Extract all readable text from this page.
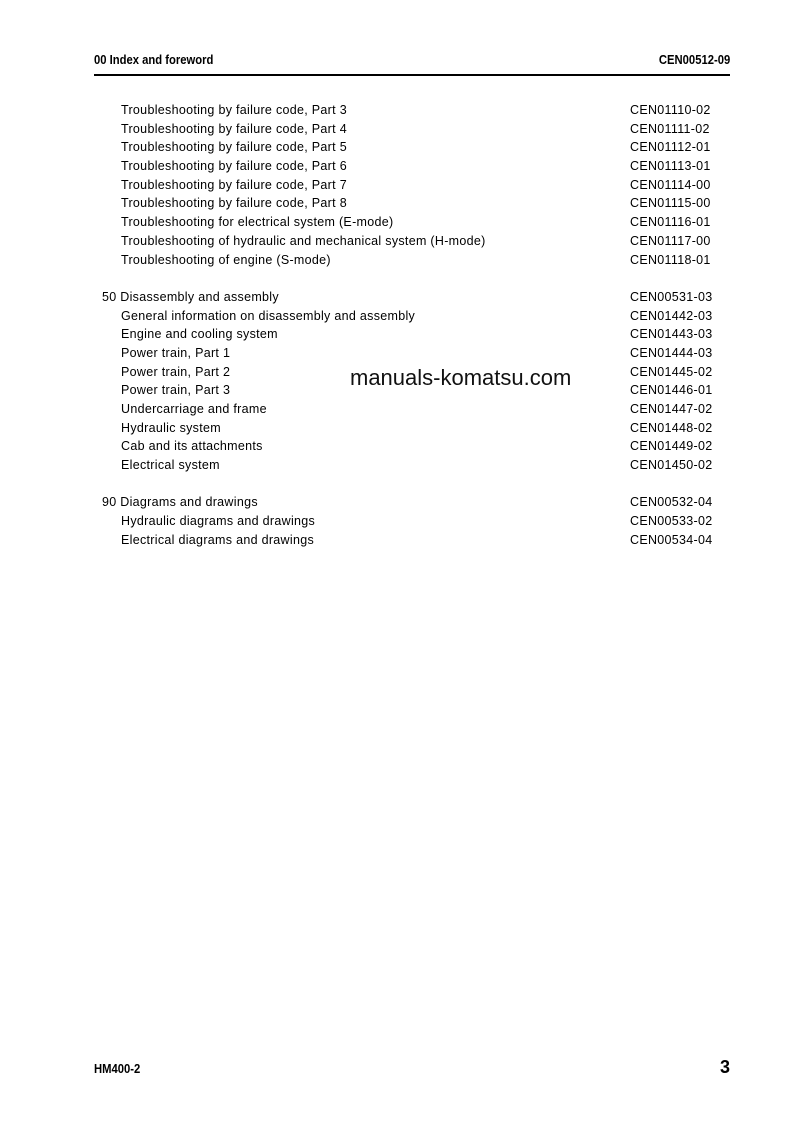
00 Index and foreword	CEN00512-09
Troubleshooting by failure code, Part 3	CEN01110-02
Troubleshooting by failure code, Part 4	CEN01111-02
Troubleshooting by failure code, Part 5	CEN01112-01
Troubleshooting by failure code, Part 6	CEN01113-01
Troubleshooting by failure code, Part 7	CEN01114-00
Troubleshooting by failure code, Part 8	CEN01115-00
Troubleshooting for electrical system (E-mode)	CEN01116-01
Troubleshooting of hydraulic and mechanical system (H-mode)	CEN01117-00
Troubleshooting of engine (S-mode)	CEN01118-01
50 Disassembly and assembly	CEN00531-03
General information on disassembly and assembly	CEN01442-03
Engine and cooling system	CEN01443-03
Power train, Part 1	CEN01444-03
Power train, Part 2	CEN01445-02
Power train, Part 3	CEN01446-01
Undercarriage and frame	CEN01447-02
Hydraulic system	CEN01448-02
Cab and its attachments	CEN01449-02
Electrical system	CEN01450-02
90 Diagrams and drawings	CEN00532-04
Hydraulic diagrams and drawings	CEN00533-02
Electrical diagrams and drawings	CEN00534-04
manuals-komatsu.com
HM400-2	3
